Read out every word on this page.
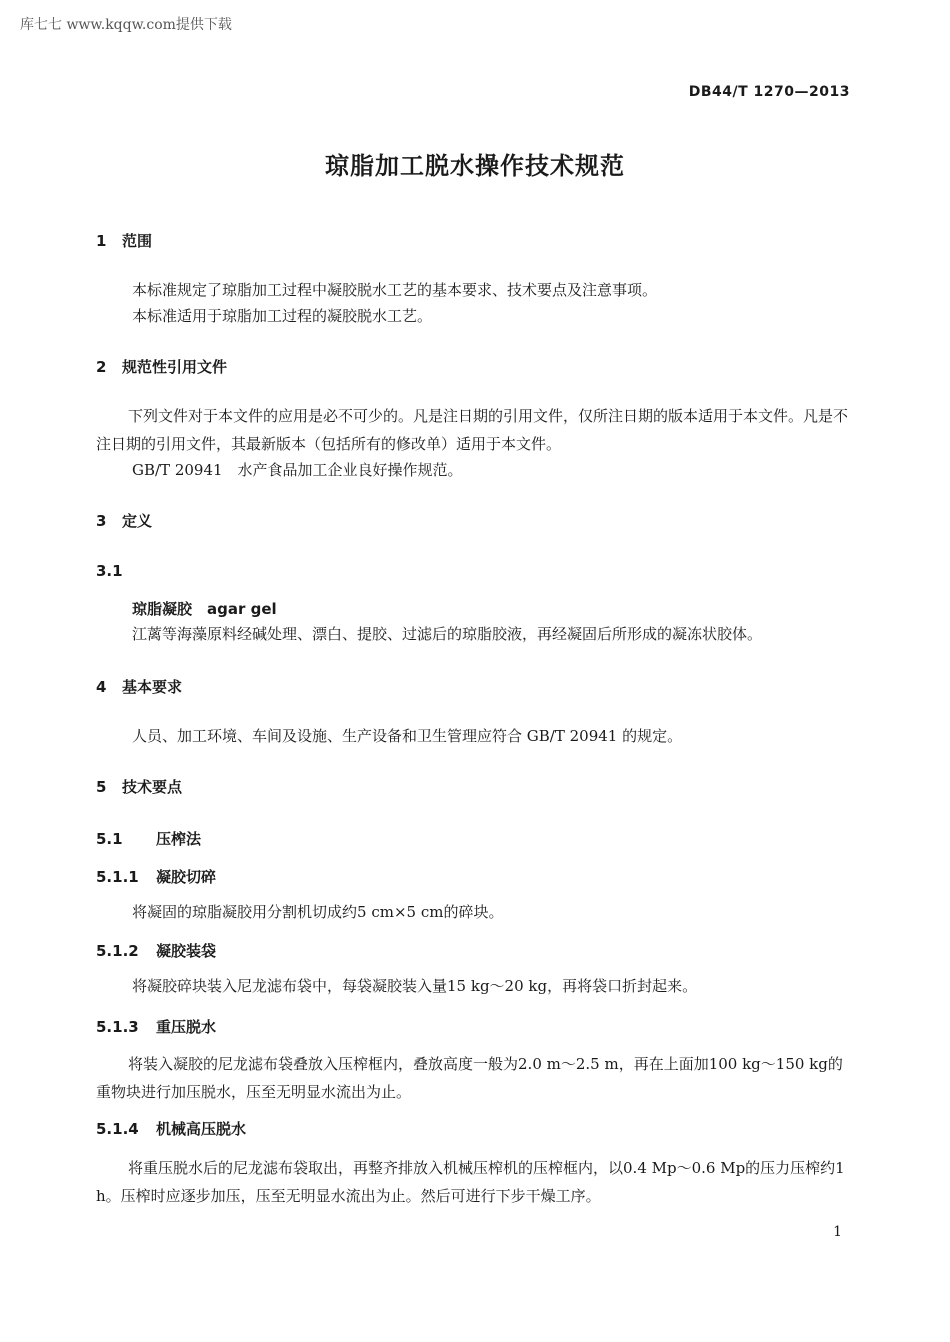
库七七 www.kqqw.com提供下载
DB44/T 1270—2013
琼脂加工脱水操作技术规范
1 范围
本标准规定了琼脂加工过程中凝胶脱水工艺的基本要求、技术要点及注意事项。
本标准适用于琼脂加工过程的凝胶脱水工艺。
2 规范性引用文件
下列文件对于本文件的应用是必不可少的。凡是注日期的引用文件，仅所注日期的版本适用于本文件。凡是不注日期的引用文件，其最新版本（包括所有的修改单）适用于本文件。
GB/T 20941　水产食品加工企业良好操作规范。
3 定义
3.1
琼脂凝胶　agar gel
江蓠等海藻原料经碱处理、漂白、提胶、过滤后的琼脂胶液，再经凝固后所形成的凝冻状胶体。
4 基本要求
人员、加工环境、车间及设施、生产设备和卫生管理应符合 GB/T 20941 的规定。
5 技术要点
5.1 压榨法
5.1.1 凝胶切碎
将凝固的琼脂凝胶用分割机切成约5 cm×5 cm的碎块。
5.1.2 凝胶装袋
将凝胶碎块装入尼龙滤布袋中，每袋凝胶装入量15 kg～20 kg，再将袋口折封起来。
5.1.3 重压脱水
将装入凝胶的尼龙滤布袋叠放入压榨框内，叠放高度一般为2.0 m～2.5 m，再在上面加100 kg～150 kg的重物块进行加压脱水，压至无明显水流出为止。
5.1.4 机械高压脱水
将重压脱水后的尼龙滤布袋取出，再整齐排放入机械压榨机的压榨框内，以0.4 Mp～0.6 Mp的压力压榨约1 h。压榨时应逐步加压，压至无明显水流出为止。然后可进行下步干燥工序。
1
